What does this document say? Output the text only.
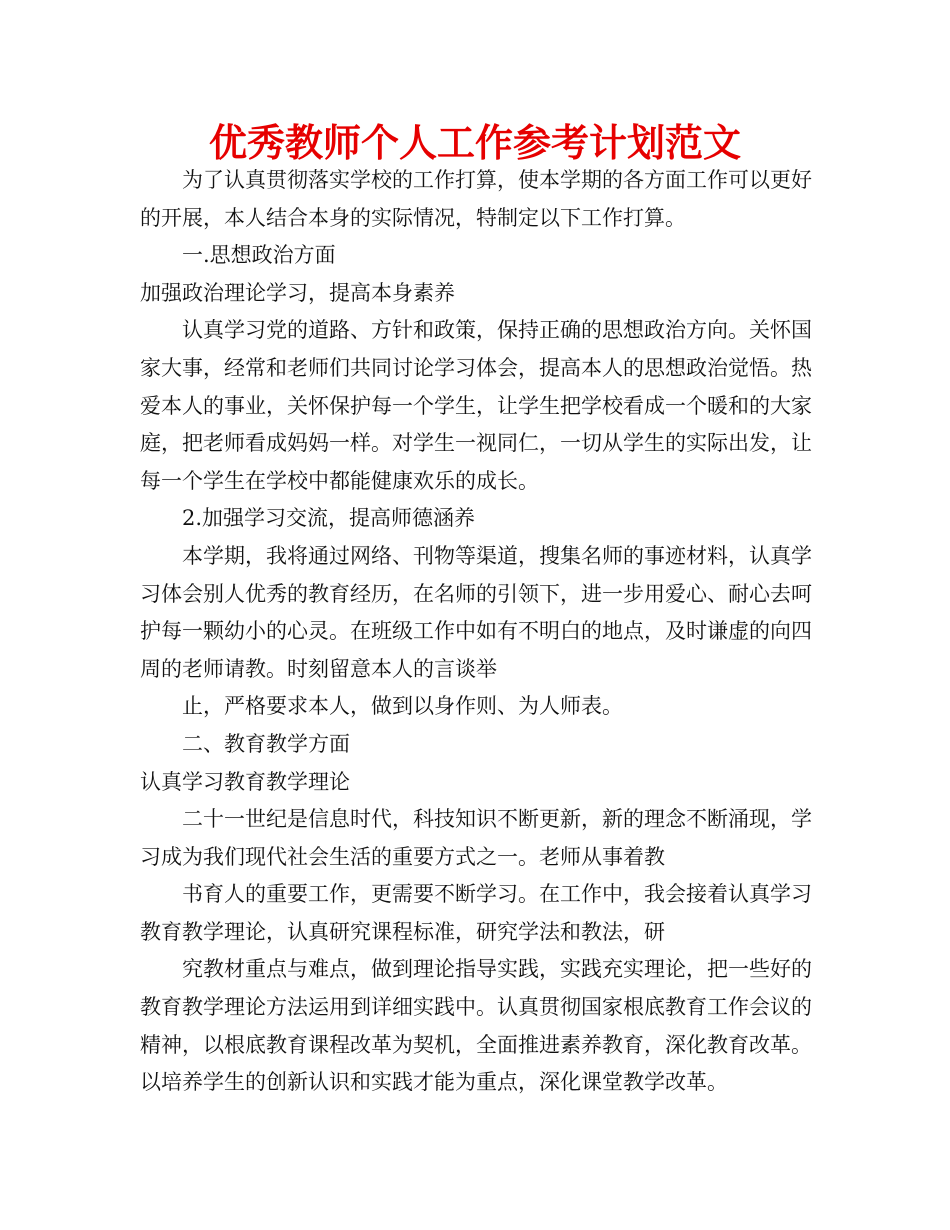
优秀教师个人工作参考计划范文

为了认真贯彻落实学校的工作打算，使本学期的各方面工作可以更好的开展，本人结合本身的实际情况，特制定以下工作打算。

一.思想政治方面

加强政治理论学习，提高本身素养

认真学习党的道路、方针和政策，保持正确的思想政治方向。关怀国家大事，经常和老师们共同讨论学习体会，提高本人的思想政治觉悟。热爱本人的事业，关怀保护每一个学生，让学生把学校看成一个暖和的大家庭，把老师看成妈妈一样。对学生一视同仁，一切从学生的实际出发，让每一个学生在学校中都能健康欢乐的成长。

2.加强学习交流，提高师德涵养

本学期，我将通过网络、刊物等渠道，搜集名师的事迹材料，认真学习体会别人优秀的教育经历，在名师的引领下，进一步用爱心、耐心去呵护每一颗幼小的心灵。在班级工作中如有不明白的地点，及时谦虚的向四周的老师请教。时刻留意本人的言谈举

止，严格要求本人，做到以身作则、为人师表。

二、教育教学方面

认真学习教育教学理论

二十一世纪是信息时代，科技知识不断更新，新的理念不断涌现，学习成为我们现代社会生活的重要方式之一。老师从事着教

书育人的重要工作，更需要不断学习。在工作中，我会接着认真学习教育教学理论，认真研究课程标准，研究学法和教法，研

究教材重点与难点，做到理论指导实践，实践充实理论，把一些好的教育教学理论方法运用到详细实践中。认真贯彻国家根底教育工作会议的精神，以根底教育课程改革为契机，全面推进素养教育，深化教育改革。以培养学生的创新认识和实践才能为重点，深化课堂教学改革。
